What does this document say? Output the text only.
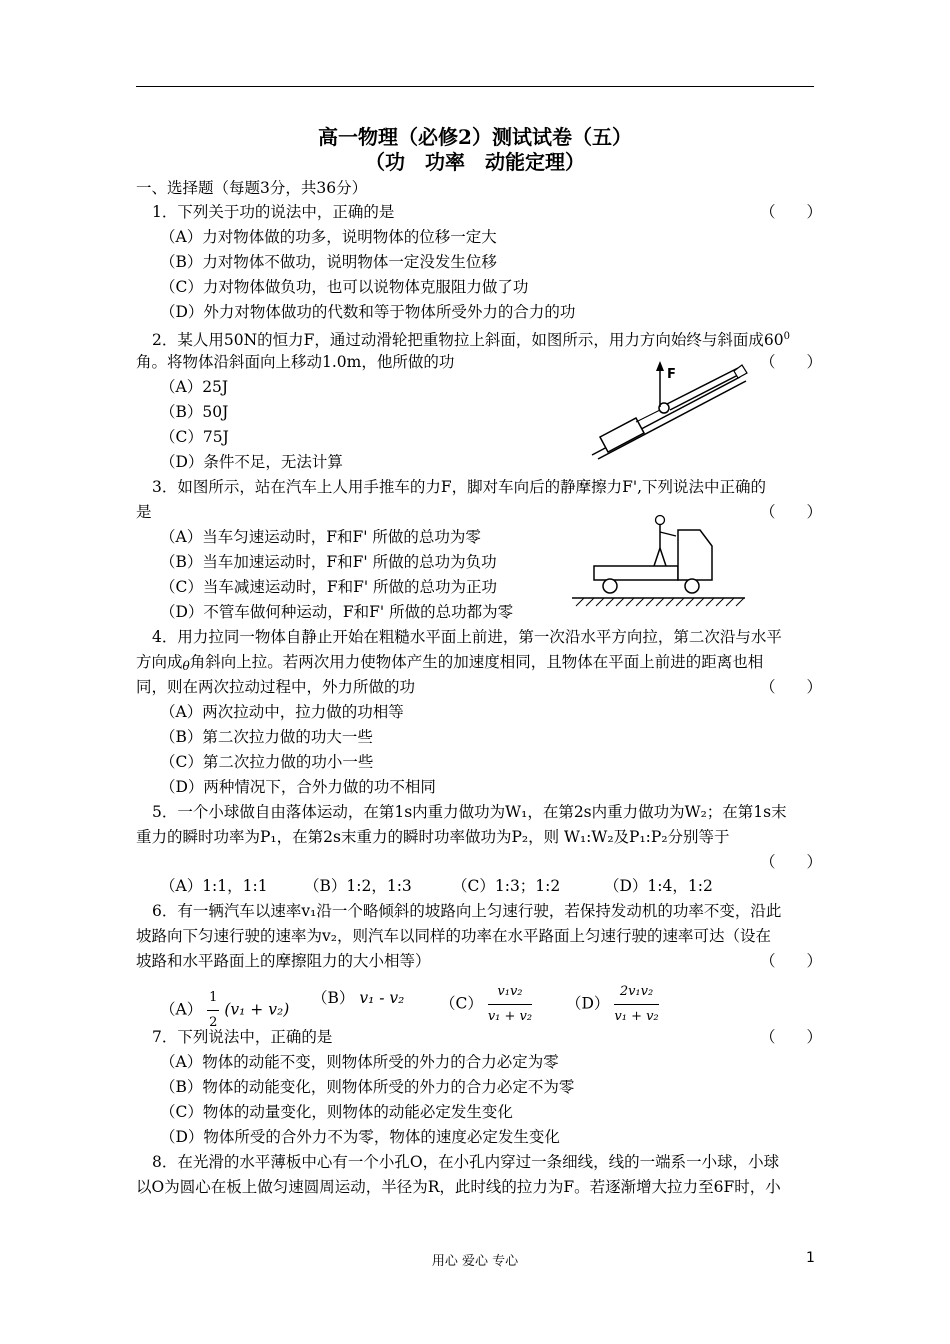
高一物理（必修2）测试试卷（五）
（功　功率　动能定理）
一、选择题（每题3分，共36分）
1．下列关于功的说法中，正确的是	（　　）
（A）力对物体做的功多，说明物体的位移一定大
（B）力对物体不做功，说明物体一定没发生位移
（C）力对物体做负功，也可以说物体克服阻力做了功
（D）外力对物体做功的代数和等于物体所受外力的合力的功
2．某人用50N的恒力F，通过动滑轮把重物拉上斜面，如图所示，用力方向始终与斜面成$60^0$
角。将物体沿斜面向上移动1.0m，他所做的功	（　　）
（A）25J
（B）50J
（C）75J
（D）条件不足，无法计算
F
3．如图所示，站在汽车上人用手推车的力F，脚对车向后的静摩擦力F',下列说法中正确的
是	（　　）
（A）当车匀速运动时，F和F' 所做的总功为零
（B）当车加速运动时，F和F' 所做的总功为负功
（C）当车减速运动时，F和F' 所做的总功为正功
（D）不管车做何种运动，F和F' 所做的总功都为零
4．用力拉同一物体自静止开始在粗糙水平面上前进，第一次沿水平方向拉，第二次沿与水平
方向成θ角斜向上拉。若两次用力使物体产生的加速度相同，且物体在平面上前进的距离也相
同，则在两次拉动过程中，外力所做的功	（　　）
（A）两次拉动中，拉力做的功相等
（B）第二次拉力做的功大一些
（C）第二次拉力做的功小一些
（D）两种情况下，合外力做的功不相同
5．一个小球做自由落体运动，在第1s内重力做功为W₁，在第2s内重力做功为W₂；在第1s末
重力的瞬时功率为P₁，在第2s末重力的瞬时功率做功为P₂，则 W₁:W₂及P₁:P₂分别等于
（　　）
（A）1:1，1:1 （B）1:2，1:3	（C）1:3；1:2	（D）1:4，1:2
6．有一辆汽车以速率v₁沿一个略倾斜的坡路向上匀速行驶，若保持发动机的功率不变，沿此
坡路向下匀速行驶的速率为v₂，则汽车以同样的功率在水平路面上匀速行驶的速率可达（设在
坡路和水平路面上的摩擦阻力的大小相等）	（　　）
$(A) \frac{1}{2} (v_1 + v_2)$
（B） v₁ - v₂ $(C) \frac{\text{v₁v₂}}{\text{v₁ + v₂}} (D) \frac{\text{2v₁v₂}}{\text{v₁ + v₂}}$
7．下列说法中，正确的是	（　　）
（A）物体的动能不变，则物体所受的外力的合力必定为零
（B）物体的动能变化，则物体所受的外力的合力必定不为零
（C）物体的动量变化，则物体的动能必定发生变化
（D）物体所受的合外力不为零，物体的速度必定发生变化
8．在光滑的水平薄板中心有一个小孔O，在小孔内穿过一条细线，线的一端系一小球，小球
以O为圆心在板上做匀速圆周运动，半径为R，此时线的拉力为F。若逐渐增大拉力至6F时，小
用心 爱心 专心	1
